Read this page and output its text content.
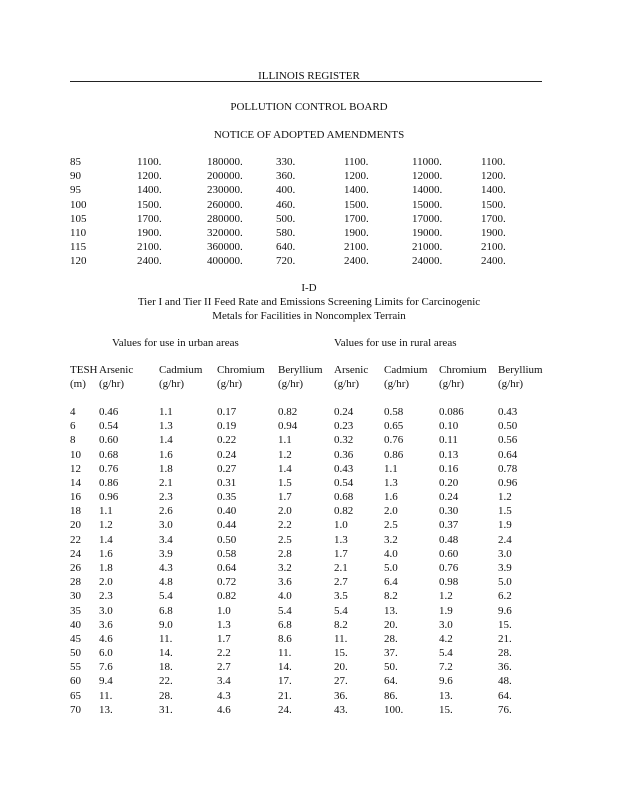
ILLINOIS REGISTER
POLLUTION CONTROL BOARD
NOTICE OF ADOPTED AMENDMENTS
85	1100.	180000.	330.	1100.	11000.	1100.
90	1200.	200000.	360.	1200.	12000.	1200.
95	1400.	230000.	400.	1400.	14000.	1400.
100	1500.	260000.	460.	1500.	15000.	1500.
105	1700.	280000.	500.	1700.	17000.	1700.
110	1900.	320000.	580.	1900.	19000.	1900.
115	2100.	360000.	640.	2100.	21000.	2100.
120	2400.	400000.	720.	2400.	24000.	2400.
I-D
Tier I and Tier II Feed Rate and Emissions Screening Limits for Carcinogenic
Metals for Facilities in Noncomplex Terrain
Values for use in urban areas	Values for use in rural areas
TESH Arsenic Cadmium Chromium Beryllium Arsenic Cadmium Chromium Beryllium
(m) (g/hr)	(g/hr)	(g/hr)	(g/hr)	(g/hr) (g/hr)	(g/hr)	(g/hr)
4 0.46	1.1	0.17	0.82	0.24	0.58	0.086	0.43
6 0.54	1.3	0.19	0.94	0.23	0.65	0.10	0.50
8 0.60	1.4	0.22	1.1	0.32	0.76	0.11	0.56
10 0.68	1.6	0.24	1.2	0.36	0.86	0.13	0.64
12 0.76	1.8	0.27	1.4	0.43	1.1	0.16	0.78
14 0.86	2.1	0.31	1.5	0.54	1.3	0.20	0.96
16 0.96	2.3	0.35	1.7	0.68	1.6	0.24	1.2
18 1.1	2.6	0.40	2.0	0.82	2.0	0.30	1.5
20 1.2	3.0	0.44	2.2	1.0	2.5	0.37	1.9
22 1.4	3.4	0.50	2.5	1.3	3.2	0.48	2.4
24 1.6	3.9	0.58	2.8	1.7	4.0	0.60	3.0
26 1.8	4.3	0.64	3.2	2.1	5.0	0.76	3.9
28 2.0	4.8	0.72	3.6	2.7	6.4	0.98	5.0
30 2.3	5.4	0.82	4.0	3.5	8.2	1.2	6.2
35 3.0	6.8	1.0	5.4	5.4	13.	1.9	9.6
40 3.6	9.0	1.3	6.8	8.2	20.	3.0	15.
45 4.6	11.	1.7	8.6	11.	28.	4.2	21.
50 6.0	14.	2.2	11.	15.	37.	5.4	28.
55 7.6	18.	2.7	14.	20.	50.	7.2	36.
60 9.4	22.	3.4	17.	27.	64.	9.6	48.
65 11.	28.	4.3	21.	36.	86.	13.	64.
70 13.	31.	4.6	24.	43.	100.	15.	76.
